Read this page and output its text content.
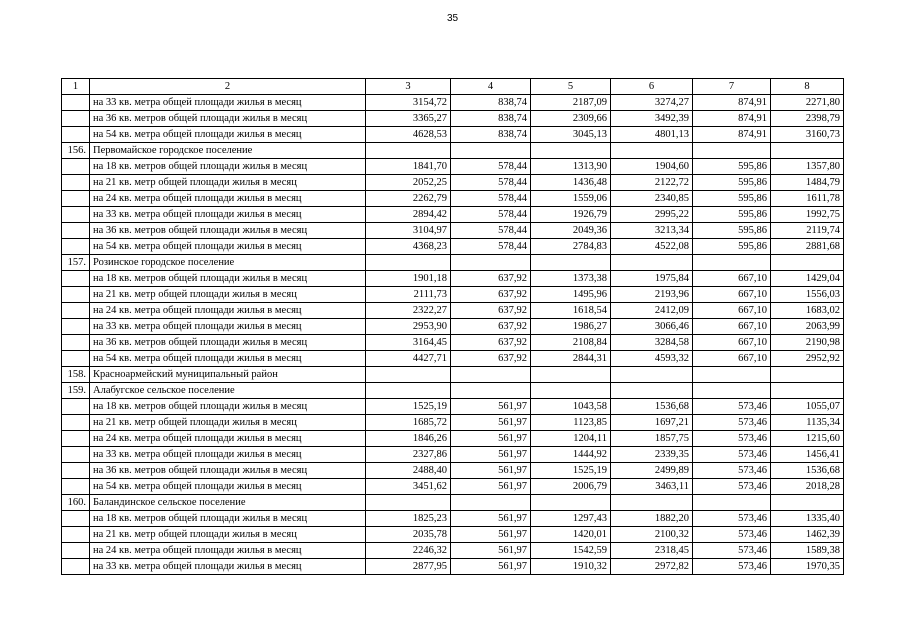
35
1	2	3	4	5	6	7	8
	на 33 кв. метра общей площади жилья в месяц	3154,72	838,74	2187,09	3274,27	874,91	2271,80
	на 36 кв. метров общей площади жилья в месяц	3365,27	838,74	2309,66	3492,39	874,91	2398,79
	на 54 кв. метра общей площади жилья в месяц	4628,53	838,74	3045,13	4801,13	874,91	3160,73
156.	Первомайское городское поселение						
	на 18 кв. метров общей площади жилья в месяц	1841,70	578,44	1313,90	1904,60	595,86	1357,80
	на 21 кв. метр общей площади жилья в месяц	2052,25	578,44	1436,48	2122,72	595,86	1484,79
	на 24 кв. метра общей площади жилья в месяц	2262,79	578,44	1559,06	2340,85	595,86	1611,78
	на 33 кв. метра общей площади жилья в месяц	2894,42	578,44	1926,79	2995,22	595,86	1992,75
	на 36 кв. метров общей площади жилья в месяц	3104,97	578,44	2049,36	3213,34	595,86	2119,74
	на 54 кв. метра общей площади жилья в месяц	4368,23	578,44	2784,83	4522,08	595,86	2881,68
157.	Розинское городское поселение						
	на 18 кв. метров общей площади жилья в месяц	1901,18	637,92	1373,38	1975,84	667,10	1429,04
	на 21 кв. метр общей площади жилья в месяц	2111,73	637,92	1495,96	2193,96	667,10	1556,03
	на 24 кв. метра общей площади жилья в месяц	2322,27	637,92	1618,54	2412,09	667,10	1683,02
	на 33 кв. метра общей площади жилья в месяц	2953,90	637,92	1986,27	3066,46	667,10	2063,99
	на 36 кв. метров общей площади жилья в месяц	3164,45	637,92	2108,84	3284,58	667,10	2190,98
	на 54 кв. метра общей площади жилья в месяц	4427,71	637,92	2844,31	4593,32	667,10	2952,92
158.	Красноармейский муниципальный район						
159.	Алабугское сельское поселение						
	на 18 кв. метров общей площади жилья в месяц	1525,19	561,97	1043,58	1536,68	573,46	1055,07
	на 21 кв. метр общей площади жилья в месяц	1685,72	561,97	1123,85	1697,21	573,46	1135,34
	на 24 кв. метра общей площади жилья в месяц	1846,26	561,97	1204,11	1857,75	573,46	1215,60
	на 33 кв. метра общей площади жилья в месяц	2327,86	561,97	1444,92	2339,35	573,46	1456,41
	на 36 кв. метров общей площади жилья в месяц	2488,40	561,97	1525,19	2499,89	573,46	1536,68
	на 54 кв. метра общей площади жилья в месяц	3451,62	561,97	2006,79	3463,11	573,46	2018,28
160.	Баландинское сельское поселение						
	на 18 кв. метров общей площади жилья в месяц	1825,23	561,97	1297,43	1882,20	573,46	1335,40
	на 21 кв. метр общей площади жилья в месяц	2035,78	561,97	1420,01	2100,32	573,46	1462,39
	на 24 кв. метра общей площади жилья в месяц	2246,32	561,97	1542,59	2318,45	573,46	1589,38
	на 33 кв. метра общей площади жилья в месяц	2877,95	561,97	1910,32	2972,82	573,46	1970,35
